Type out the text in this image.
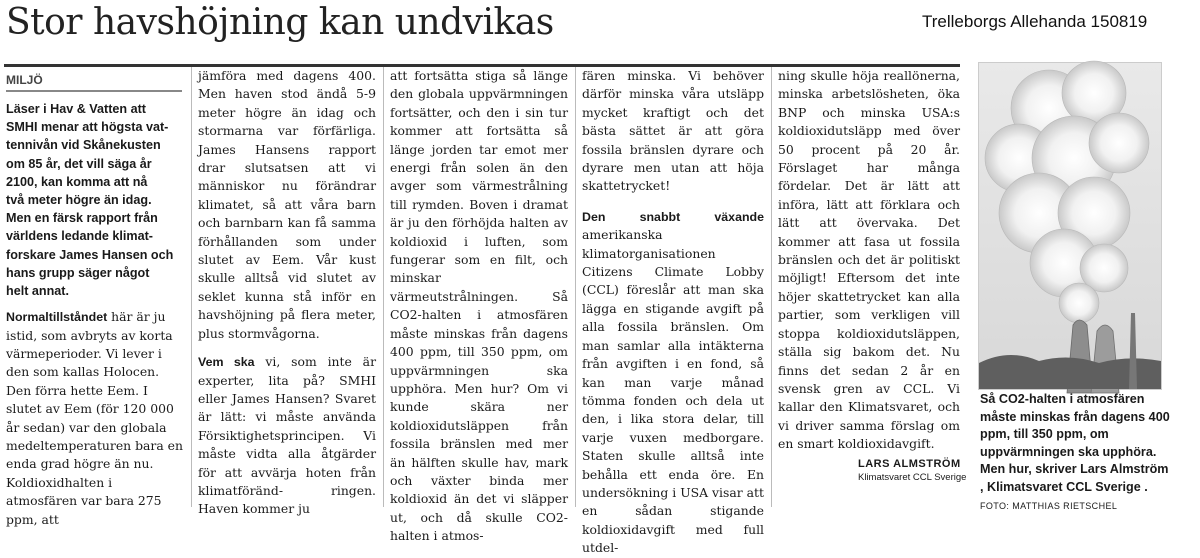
Stor havshöjning kan undvikas	Trelleborgs Allehanda 150819
MILJÖ

Läser i Hav & Vatten att
SMHI menar att högsta vat-
tennivån vid Skånekusten
om 85 år, det vill säga år
2100, kan komma att nå
två meter högre än idag.
Men en färsk rapport från
världens ledande klimat-
forskare James Hansen och
hans grupp säger något
helt annat.

Normaltillståndet här är ju istid, som avbryts av korta värmeperioder. Vi lever i den som kallas Holocen. Den förra hette Eem. I slutet av Eem (för 120 000 år sedan) var den globala medeltemperaturen bara en enda grad högre än nu. Koldioxidhalten i atmosfären var bara 275 ppm, att

jämföra med dagens 400. Men haven stod ändå 5-9 meter högre än idag och stormarna var förfärliga. James Hansens rapport drar slutsatsen att vi människor nu förändrar klimatet, så att våra barn och barnbarn kan få samma förhållanden som under slutet av Eem. Vår kust skulle alltså vid slutet av seklet kunna stå inför en havshöjning på flera meter, plus stormvågorna.

Vem ska vi, som inte är experter, lita på? SMHI eller James Hansen? Svaret är lätt: vi måste använda Försiktighetsprincipen. Vi måste vidta alla åtgärder för att avvärja hoten från klimatföränd- ringen. Haven kommer ju

att fortsätta stiga så länge den globala uppvärmningen fortsätter, och den i sin tur kommer att fortsätta så länge jorden tar emot mer energi från solen än den avger som värmestrålning till rymden. Boven i dramat är ju den förhöjda halten av koldioxid i luften, som fungerar som en filt, och minskar värmeutstrålningen. Så CO2-halten i atmosfären måste minskas från dagens 400 ppm, till 350 ppm, om uppvärmningen ska upphöra. Men hur? Om vi kunde skära ner koldioxidutsläppen från fossila bränslen med mer än hälften skulle hav, mark och växter binda mer koldioxid än det vi släpper ut, och då skulle CO2-halten i atmos-

fären minska. Vi behöver därför minska våra utsläpp mycket kraftigt och det bästa sättet är att göra fossila bränslen dyrare och dyrare men utan att höja skattetrycket!

Den snabbt växande amerikanska klimatorganisationen Citizens Climate Lobby (CCL) föreslår att man ska lägga en stigande avgift på alla fossila bränslen. Om man samlar alla intäkterna från avgiften i en fond, så kan man varje månad tömma fonden och dela ut den, i lika stora delar, till varje vuxen medborgare. Staten skulle alltså inte behålla ett enda öre. En undersökning i USA visar att en sådan stigande koldioxidavgift med full utdel-

ning skulle höja reallönerna, minska arbetslösheten, öka BNP och minska USA:s koldioxidutsläpp med över 50 procent på 20 år. Förslaget har många fördelar. Det är lätt att införa, lätt att förklara och lätt att övervaka. Det kommer att fasa ut fossila bränslen och det är politiskt möjligt! Eftersom det inte höjer skattetrycket kan alla partier, som verkligen vill stoppa koldioxidutsläppen, ställa sig bakom det. Nu finns det sedan 2 år en svensk gren av CCL. Vi kallar den Klimatsvaret, och vi driver samma förslag om en smart koldioxidavgift.

LARS ALMSTRÖM
Klimatsvaret CCL Sverige
Så CO2-halten i atmosfären måste minskas från dagens 400 ppm, till 350 ppm, om uppvärmningen ska upphöra. Men hur, skriver Lars Almström , Klimatsvaret CCL Sverige . FOTO: MATTHIAS RIETSCHEL
